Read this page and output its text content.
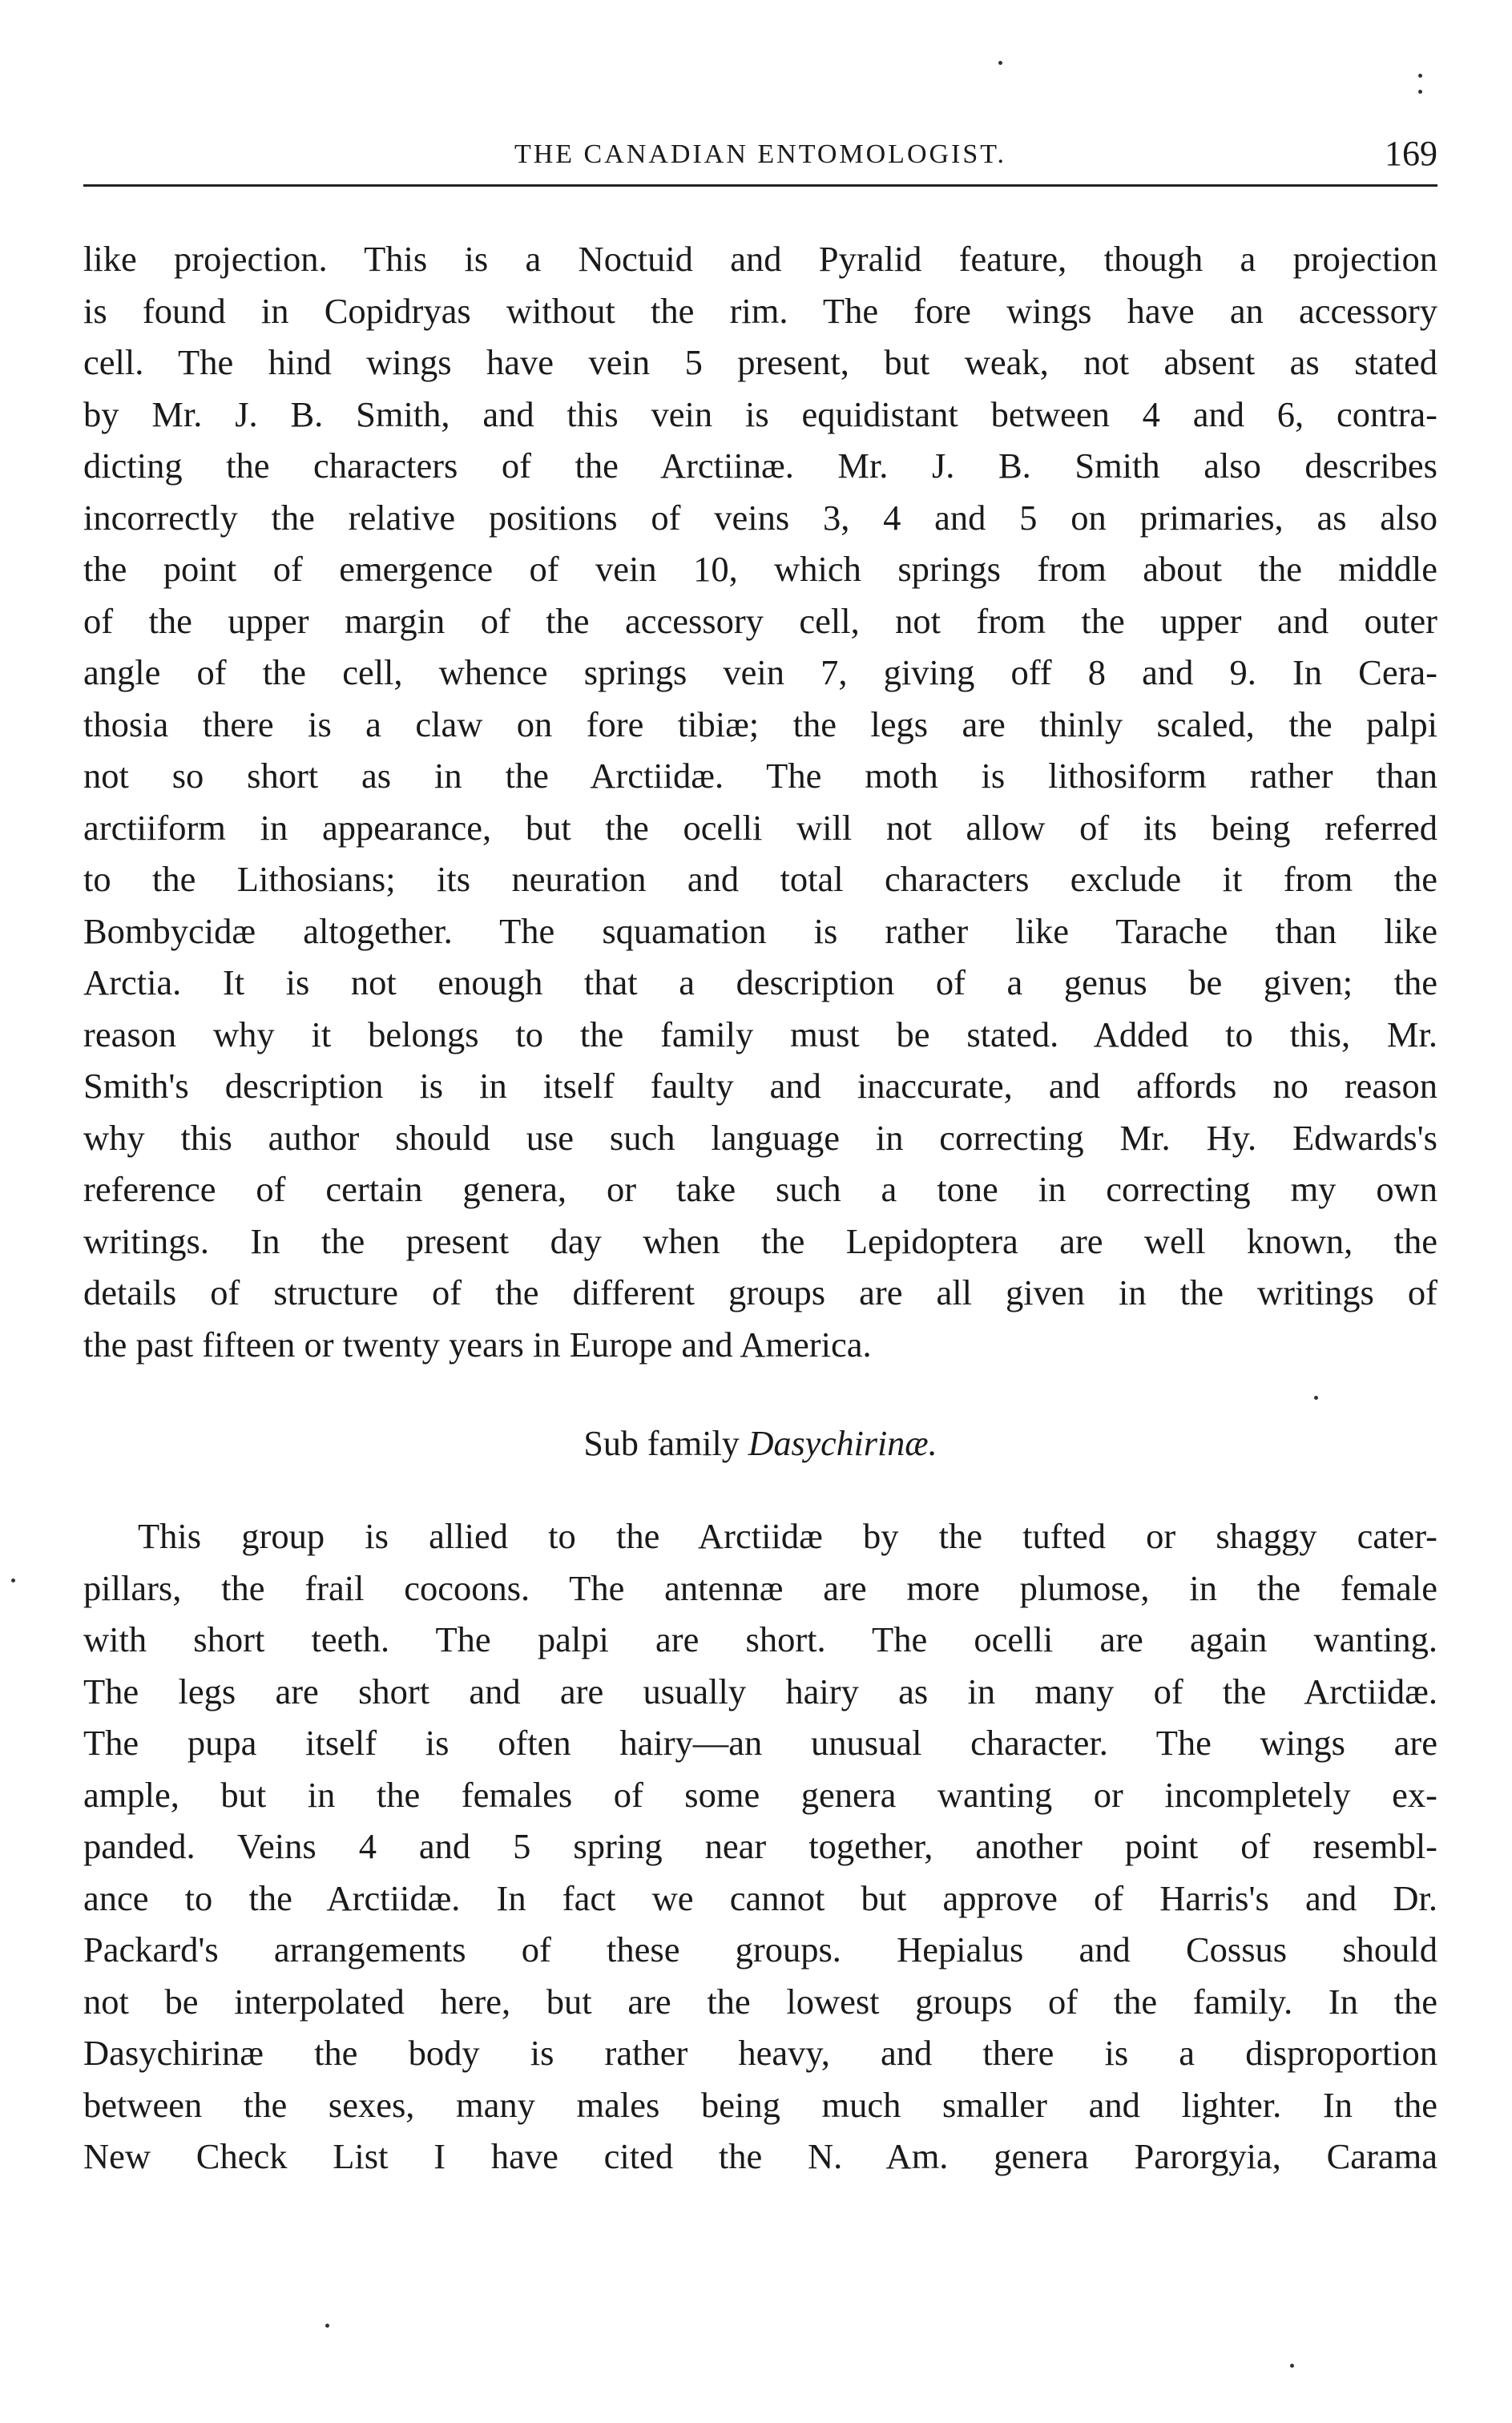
THE CANADIAN ENTOMOLOGIST.	169

like projection. This is a Noctuid and Pyralid feature, though a projection
is found in Copidryas without the rim. The fore wings have an accessory
cell. The hind wings have vein 5 present, but weak, not absent as stated
by Mr. J. B. Smith, and this vein is equidistant between 4 and 6, contra-
dicting the characters of the Arctiinæ. Mr. J. B. Smith also describes
incorrectly the relative positions of veins 3, 4 and 5 on primaries, as also
the point of emergence of vein 10, which springs from about the middle
of the upper margin of the accessory cell, not from the upper and outer
angle of the cell, whence springs vein 7, giving off 8 and 9. In Cera-
thosia there is a claw on fore tibiæ; the legs are thinly scaled, the palpi
not so short as in the Arctiidæ. The moth is lithosiform rather than
arctiiform in appearance, but the ocelli will not allow of its being referred
to the Lithosians; its neuration and total characters exclude it from the
Bombycidæ altogether. The squamation is rather like Tarache than like
Arctia. It is not enough that a description of a genus be given; the
reason why it belongs to the family must be stated. Added to this, Mr.
Smith's description is in itself faulty and inaccurate, and affords no reason
why this author should use such language in correcting Mr. Hy. Edwards's
reference of certain genera, or take such a tone in correcting my own
writings. In the present day when the Lepidoptera are well known, the
details of structure of the different groups are all given in the writings of
the past fifteen or twenty years in Europe and America.

Sub family Dasychirinæ.

This group is allied to the Arctiidæ by the tufted or shaggy cater-
pillars, the frail cocoons. The antennæ are more plumose, in the female
with short teeth. The palpi are short. The ocelli are again wanting.
The legs are short and are usually hairy as in many of the Arctiidæ.
The pupa itself is often hairy—an unusual character. The wings are
ample, but in the females of some genera wanting or incompletely ex-
panded. Veins 4 and 5 spring near together, another point of resembl-
ance to the Arctiidæ. In fact we cannot but approve of Harris's and Dr.
Packard's arrangements of these groups. Hepialus and Cossus should
not be interpolated here, but are the lowest groups of the family. In the
Dasychirinæ the body is rather heavy, and there is a disproportion
between the sexes, many males being much smaller and lighter. In the
New Check List I have cited the N. Am. genera Parorgyia, Carama
